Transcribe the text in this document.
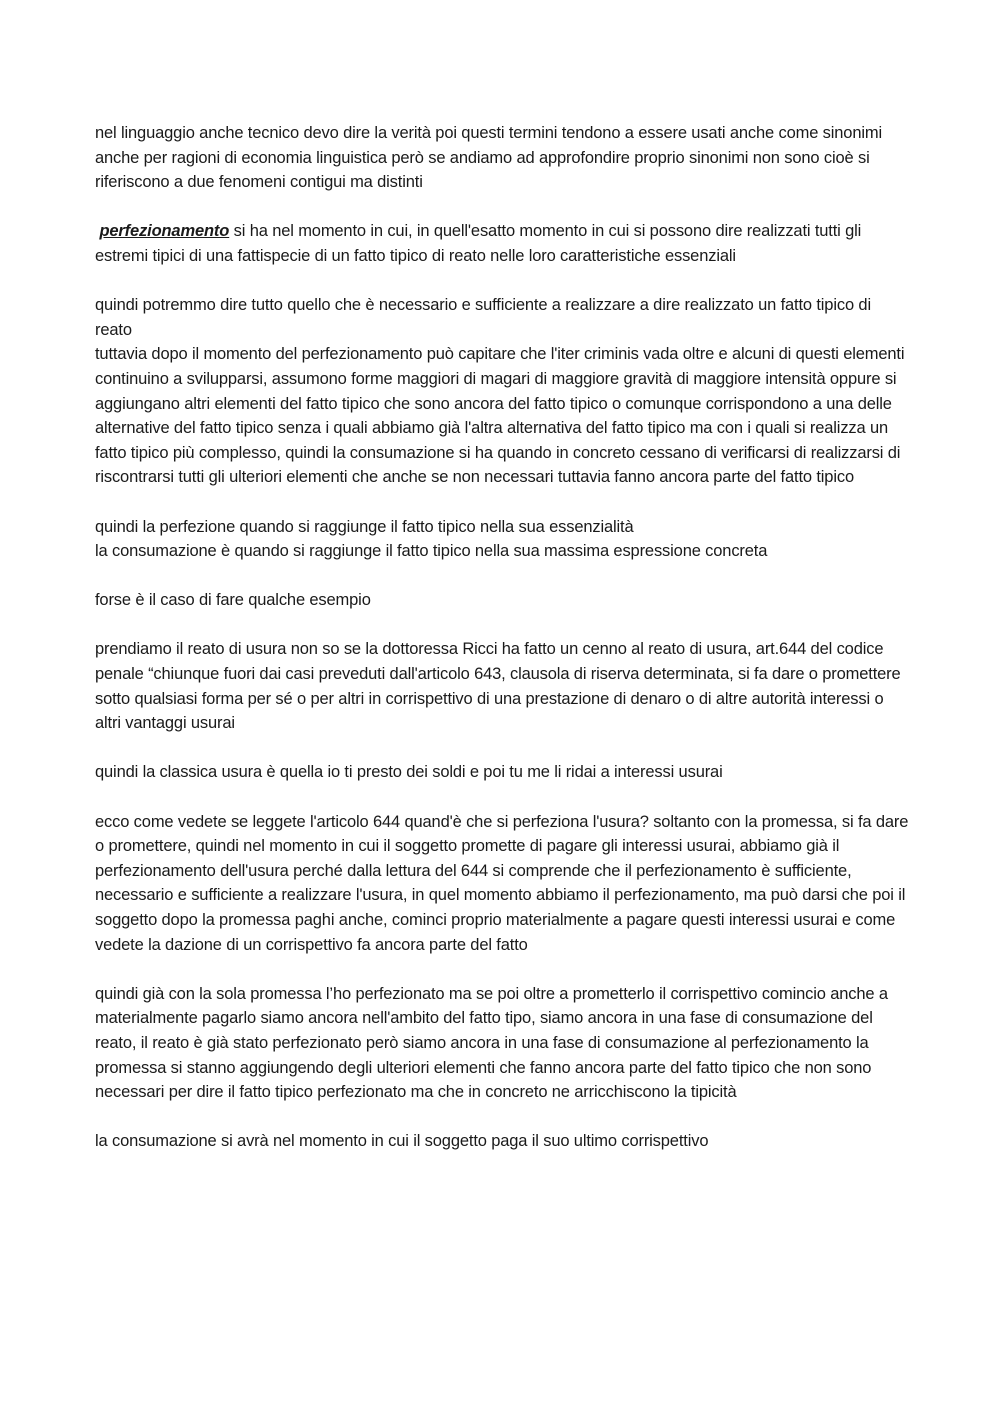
nel linguaggio anche tecnico devo dire la verità poi questi termini tendono a essere usati anche come sinonimi anche per ragioni di economia linguistica però se andiamo ad approfondire proprio sinonimi non sono cioè si riferiscono a due fenomeni contigui ma distinti

perfezionamento si ha nel momento in cui, in quell'esatto momento in cui si possono dire realizzati tutti gli estremi tipici di una fattispecie di un fatto tipico di reato nelle loro caratteristiche essenziali

quindi potremmo dire tutto quello che è necessario e sufficiente a realizzare a dire realizzato un fatto tipico di reato

tuttavia dopo il momento del perfezionamento può capitare che l'iter criminis vada oltre e alcuni di questi elementi continuino a svilupparsi, assumono forme maggiori di magari di maggiore gravità di maggiore intensità oppure si aggiungano altri elementi del fatto tipico che sono ancora del fatto tipico o comunque corrispondono a una delle alternative del fatto tipico senza i quali abbiamo già l'altra alternativa del fatto tipico ma con i quali si realizza un fatto tipico più complesso, quindi la consumazione si ha quando in concreto cessano di verificarsi di realizzarsi di riscontrarsi tutti gli ulteriori elementi che anche se non necessari tuttavia fanno ancora parte del fatto tipico

quindi la perfezione quando si raggiunge il fatto tipico nella sua essenzialità

la consumazione è quando si raggiunge il fatto tipico nella sua massima espressione concreta

forse è il caso di fare qualche esempio

prendiamo il reato di usura non so se la dottoressa Ricci ha fatto un cenno al reato di usura, art.644 del codice penale “chiunque fuori dai casi preveduti dall'articolo 643, clausola di riserva determinata, si fa dare o promettere sotto qualsiasi forma per sé o per altri in corrispettivo di una prestazione di denaro o di altre autorità interessi o altri vantaggi usurai

quindi la classica usura è quella io ti presto dei soldi e poi tu me li ridai a interessi usurai

ecco come vedete se leggete l'articolo 644 quand'è che si perfeziona l'usura? soltanto con la promessa, si fa dare o promettere, quindi nel momento in cui il soggetto promette di pagare gli interessi usurai, abbiamo già il perfezionamento dell'usura perché dalla lettura del 644 si comprende che il perfezionamento è sufficiente, necessario e sufficiente a realizzare l'usura, in quel momento abbiamo il perfezionamento, ma può darsi che poi il soggetto dopo la promessa paghi anche, cominci proprio materialmente a pagare questi interessi usurai e come vedete la dazione di un corrispettivo fa ancora parte del fatto

quindi già con la sola promessa l’ho perfezionato ma se poi oltre a prometterlo il corrispettivo comincio anche a materialmente pagarlo siamo ancora nell'ambito del fatto tipo, siamo ancora in una fase di consumazione del reato, il reato è già stato perfezionato però siamo ancora in una fase di consumazione al perfezionamento la promessa si stanno aggiungendo degli ulteriori elementi che fanno ancora parte del fatto tipico che non sono necessari per dire il fatto tipico perfezionato ma che in concreto ne arricchiscono la tipicità

la consumazione si avrà nel momento in cui il soggetto paga il suo ultimo corrispettivo
